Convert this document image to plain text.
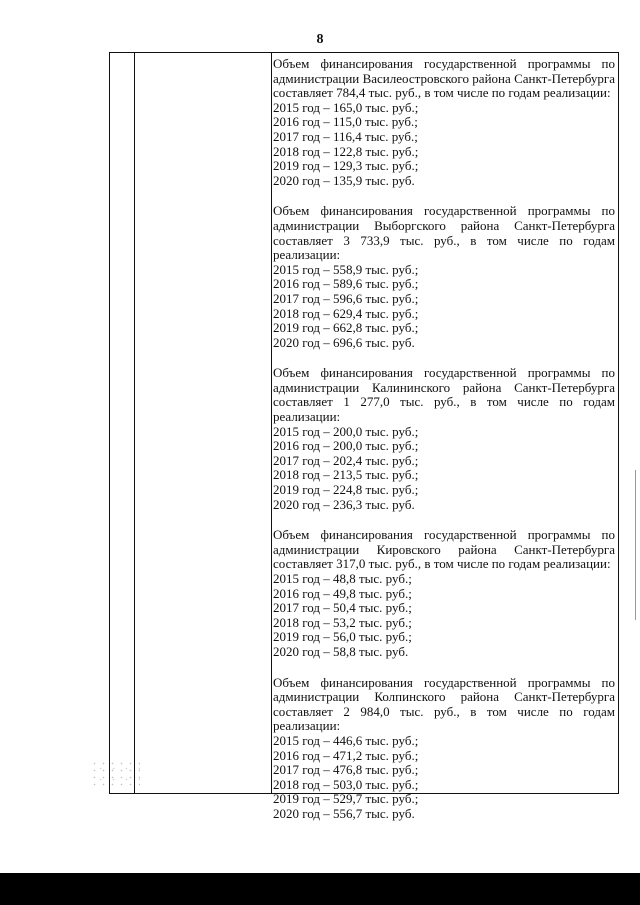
8

Объем финансирования государственной программы по администрации Василеостровского района Санкт-Петербурга составляет 784,4 тыс. руб., в том числе по годам реализации:

2015 год – 165,0 тыс. руб.;

2016 год – 115,0 тыс. руб.;

2017 год – 116,4 тыс. руб.;

2018 год – 122,8 тыс. руб.;

2019 год – 129,3 тыс. руб.;

2020 год – 135,9 тыс. руб.

Объем финансирования государственной программы по администрации Выборгского района Санкт-Петербурга составляет 3 733,9 тыс. руб., в том числе по годам реализации:

2015 год – 558,9 тыс. руб.;

2016 год – 589,6 тыс. руб.;

2017 год – 596,6 тыс. руб.;

2018 год – 629,4 тыс. руб.;

2019 год – 662,8 тыс. руб.;

2020 год – 696,6 тыс. руб.

Объем финансирования государственной программы по администрации Калининского района Санкт-Петербурга составляет 1 277,0 тыс. руб., в том числе по годам реализации:

2015 год – 200,0 тыс. руб.;

2016 год – 200,0 тыс. руб.;

2017 год – 202,4 тыс. руб.;

2018 год – 213,5 тыс. руб.;

2019 год – 224,8 тыс. руб.;

2020 год – 236,3 тыс. руб.

Объем финансирования государственной программы по администрации Кировского района Санкт-Петербурга составляет 317,0 тыс. руб., в том числе по годам реализации:

2015 год – 48,8 тыс. руб.;

2016 год – 49,8 тыс. руб.;

2017 год – 50,4 тыс. руб.;

2018 год – 53,2 тыс. руб.;

2019 год – 56,0 тыс. руб.;

2020 год – 58,8 тыс. руб.

Объем финансирования государственной программы по администрации Колпинского района Санкт-Петербурга составляет 2 984,0 тыс. руб., в том числе по годам реализации:

2015 год – 446,6 тыс. руб.;

2016 год – 471,2 тыс. руб.;

2017 год – 476,8 тыс. руб.;

2018 год – 503,0 тыс. руб.;

2019 год – 529,7 тыс. руб.;

2020 год – 556,7 тыс. руб.
